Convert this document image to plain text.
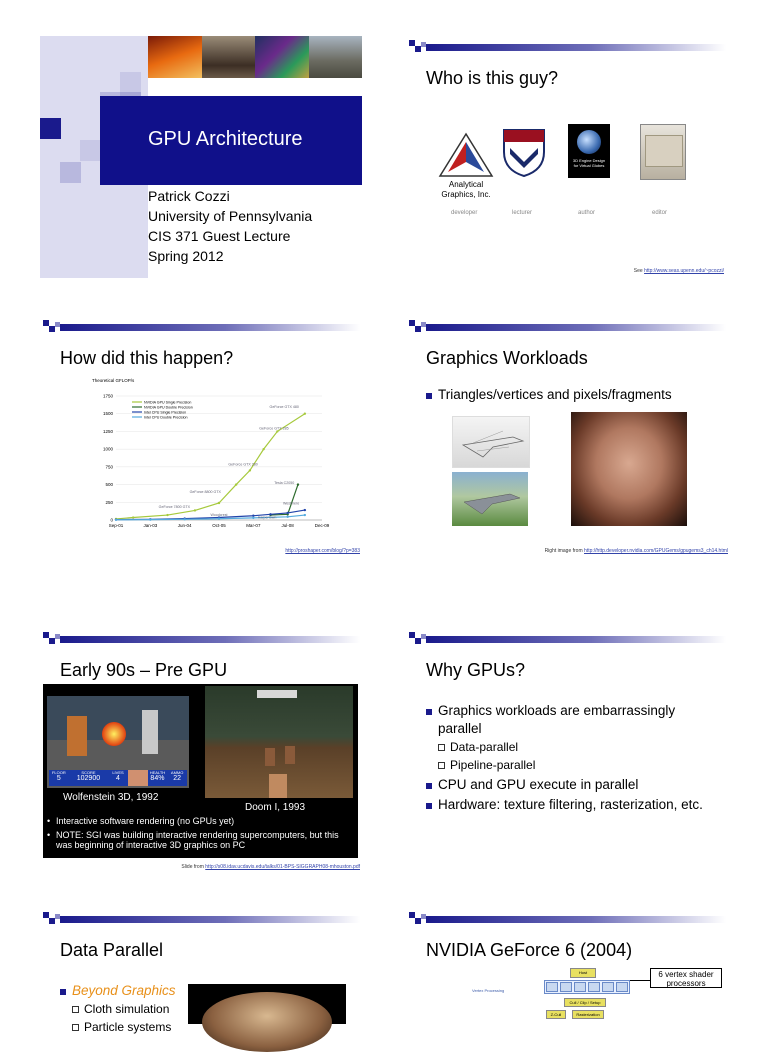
GPU Architecture
Patrick Cozzi
University of Pennsylvania
CIS 371 Guest Lecture
Spring 2012
Who is this guy?
Analytical Graphics, Inc.
3D Engine Design for Virtual Globes
developer	lecturer	author	editor
See http://www.seas.upenn.edu/~pcozzi/
How did this happen?
Theoretical GFLOP/s
0
250
500
750
1000
1250
1500
1750
Sep-01	Jan-03	Jun-04	Oct-05	Mar-07	Jul-08	Dec-09
NVIDIA GPU Single Precision
NVIDIA GPU Double Precision
Intel CPU Single Precision
Intel CPU Double Precision
GeForce 7800 GTX
GeForce 8800 GTX
GeForce GTX 280
GeForce GTX 285
GeForce GTX 480
Tesla C2050
Westmere
Harpertown
Woodcrest
http://proshaper.com/blog/?p=383
Graphics Workloads
Triangles/vertices and pixels/fragments
Right image from http://http.developer.nvidia.com/GPUGems/gpugems3_ch14.html
Early 90s – Pre GPU
FLOOR
5
SCORE
102900
LIVES
4
HEALTH
84%
AMMO
22
Wolfenstein 3D, 1992
Doom I, 1993
• Interactive software rendering (no GPUs yet)
• NOTE: SGI was building interactive rendering supercomputers, but this was beginning of interactive 3D graphics on PC
Slide from http://s08.idav.ucdavis.edu/talks/01-BPS-SIGGRAPH08-mhouston.pdf
Why GPUs?
Graphics workloads are embarrassingly parallel
Data-parallel
Pipeline-parallel
CPU and GPU execute in parallel
Hardware: texture filtering, rasterization, etc.
Data Parallel
Beyond Graphics
Cloth simulation
Particle systems
NVIDIA GeForce 6 (2004)
Vertex Processing
Host
Cull / Clip / Setup
Z-Cull	Rasterization
6 vertex shader processors
